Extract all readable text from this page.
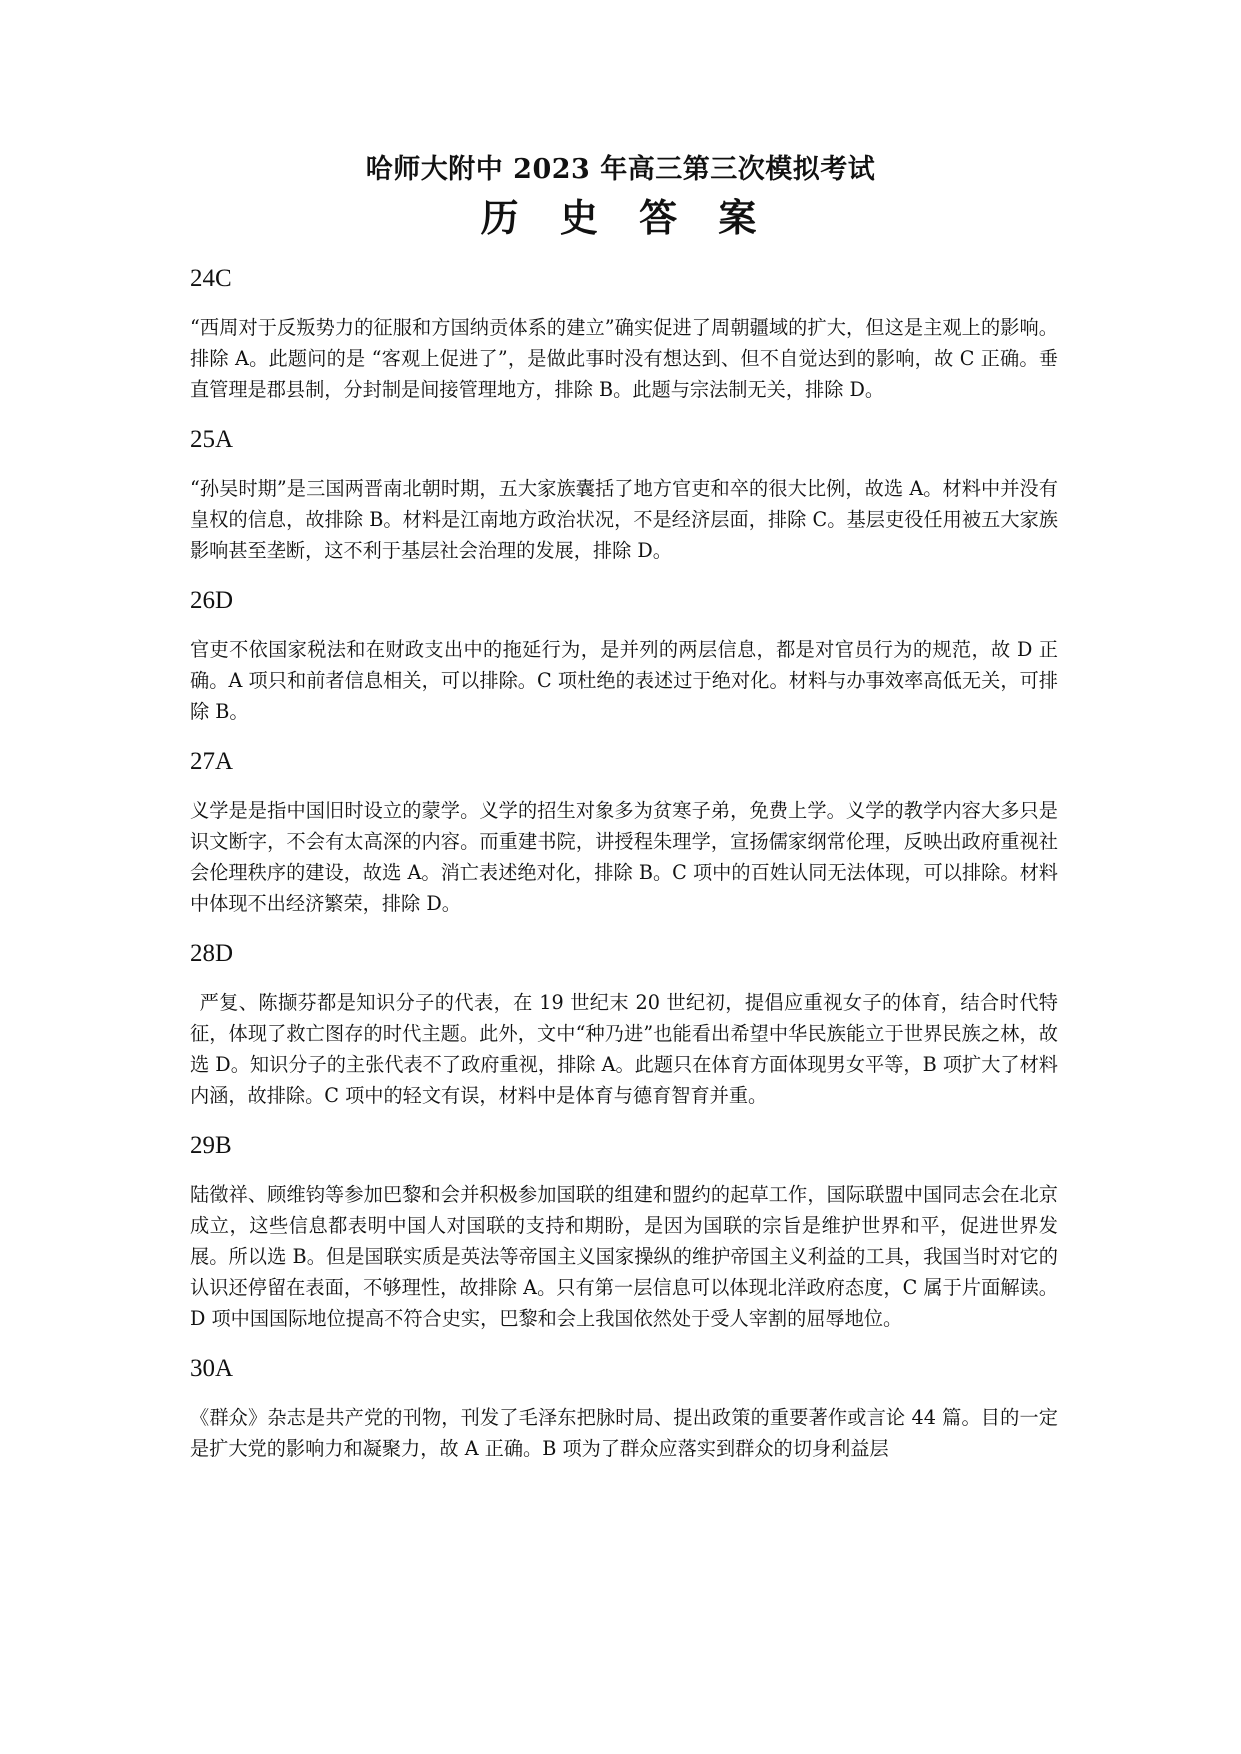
哈师大附中 2023 年高三第三次模拟考试
历 史 答 案
24C
“西周对于反叛势力的征服和方国纳贡体系的建立”确实促进了周朝疆域的扩大，但这是主观上的影响。排除 A。此题问的是 “客观上促进了”，是做此事时没有想达到、但不自觉达到的影响，故 C 正确。垂直管理是郡县制，分封制是间接管理地方，排除 B。此题与宗法制无关，排除 D。
25A
“孙吴时期”是三国两晋南北朝时期，五大家族囊括了地方官吏和卒的很大比例，故选 A。材料中并没有皇权的信息，故排除 B。材料是江南地方政治状况，不是经济层面，排除 C。基层吏役任用被五大家族影响甚至垄断，这不利于基层社会治理的发展，排除 D。
26D
官吏不依国家税法和在财政支出中的拖延行为，是并列的两层信息，都是对官员行为的规范，故 D 正确。A 项只和前者信息相关，可以排除。C 项杜绝的表述过于绝对化。材料与办事效率高低无关，可排除 B。
27A
义学是是指中国旧时设立的蒙学。义学的招生对象多为贫寒子弟，免费上学。义学的教学内容大多只是识文断字，不会有太高深的内容。而重建书院，讲授程朱理学，宣扬儒家纲常伦理，反映出政府重视社会伦理秩序的建设，故选 A。消亡表述绝对化，排除 B。C 项中的百姓认同无法体现，可以排除。材料中体现不出经济繁荣，排除 D。
28D
严复、陈撷芬都是知识分子的代表，在 19 世纪末 20 世纪初，提倡应重视女子的体育，结合时代特征，体现了救亡图存的时代主题。此外，文中“种乃进”也能看出希望中华民族能立于世界民族之林，故选 D。知识分子的主张代表不了政府重视，排除 A。此题只在体育方面体现男女平等，B 项扩大了材料内涵，故排除。C 项中的轻文有误，材料中是体育与德育智育并重。
29B
陆徵祥、顾维钧等参加巴黎和会并积极参加国联的组建和盟约的起草工作，国际联盟中国同志会在北京成立，这些信息都表明中国人对国联的支持和期盼，是因为国联的宗旨是维护世界和平，促进世界发展。所以选 B。但是国联实质是英法等帝国主义国家操纵的维护帝国主义利益的工具，我国当时对它的认识还停留在表面，不够理性，故排除 A。只有第一层信息可以体现北洋政府态度，C 属于片面解读。D 项中国国际地位提高不符合史实，巴黎和会上我国依然处于受人宰割的屈辱地位。
30A
《群众》杂志是共产党的刊物，刊发了毛泽东把脉时局、提出政策的重要著作或言论 44 篇。目的一定是扩大党的影响力和凝聚力，故 A 正确。B 项为了群众应落实到群众的切身利益层
